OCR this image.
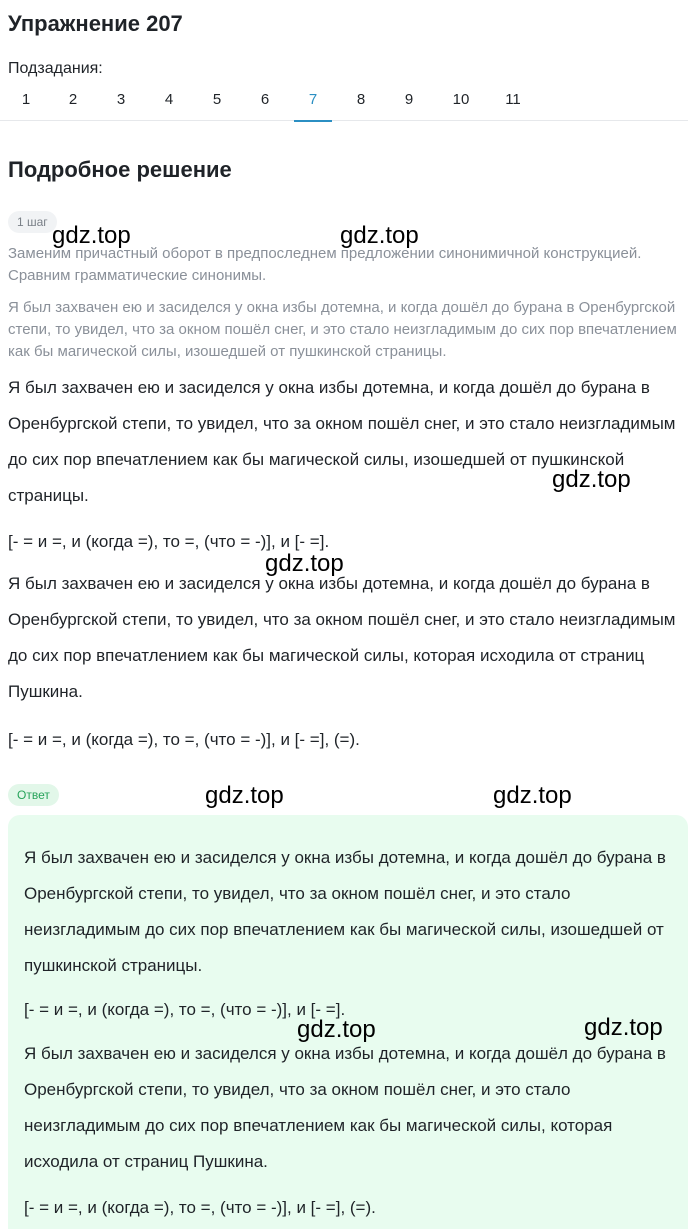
Упражнение 207
Подзадания:
1	2	3	4	5	6	7	8	9	10	11
Подробное решение
1 шаг
Заменим причастный оборот в предпоследнем предложении синонимичной конструкцией. Сравним грамматические синонимы.
Я был захвачен ею и засиделся у окна избы дотемна, и когда дошёл до бурана в Оренбургской степи, то увидел, что за окном пошёл снег, и это стало неизгладимым до сих пор впечатлением как бы магической силы, изошедшей от пушкинской страницы.
Я был захвачен ею и засиделся у окна избы дотемна, и когда дошёл до бурана в Оренбургской степи, то увидел, что за окном пошёл снег, и это стало неизгладимым до сих пор впечатлением как бы магической силы, изошедшей от пушкинской страницы.
[- = и =, и (когда =), то =, (что = -)], и [- =].
Я был захвачен ею и засиделся у окна избы дотемна, и когда дошёл до бурана в Оренбургской степи, то увидел, что за окном пошёл снег, и это стало неизгладимым до сих пор впечатлением как бы магической силы, которая исходила от страниц Пушкина.
[- = и =, и (когда =), то =, (что = -)], и [- =], (=).
Ответ
Я был захвачен ею и засиделся у окна избы дотемна, и когда дошёл до бурана в Оренбургской степи, то увидел, что за окном пошёл снег, и это стало неизгладимым до сих пор впечатлением как бы магической силы, изошедшей от пушкинской страницы.
[- = и =, и (когда =), то =, (что = -)], и [- =].
Я был захвачен ею и засиделся у окна избы дотемна, и когда дошёл до бурана в Оренбургской степи, то увидел, что за окном пошёл снег, и это стало неизгладимым до сих пор впечатлением как бы магической силы, которая исходила от страниц Пушкина.
[- = и =, и (когда =), то =, (что = -)], и [- =], (=).
gdz.top	gdz.top
gdz.top
gdz.top
gdz.top	gdz.top
gdz.top	gdz.top
